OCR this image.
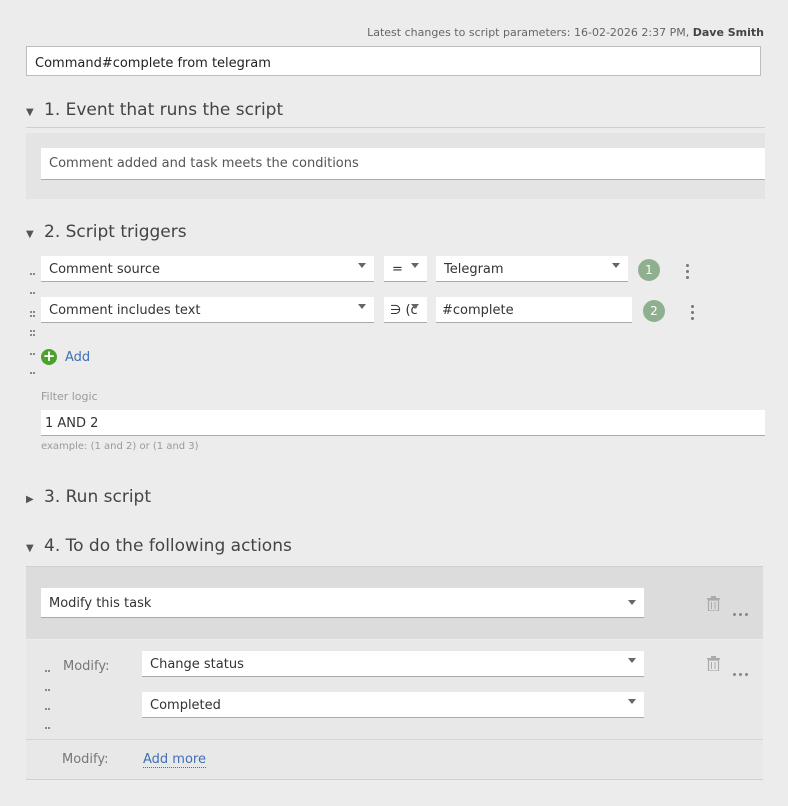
Latest changes to script parameters: 16-02-2026 2:37 PM, Dave Smith
Command#complete from telegram
▼ 1. Event that runs the script
Comment added and task meets the conditions
▼ 2. Script triggers

Comment source	=	Telegram	1

Comment includes text	∋ (c	#complete	2
+ Add
Filter logic
1 AND 2
example: (1 and 2) or (1 and 3)
▶ 3. Run script
▼ 4. To do the following actions
Modify this task

Modify:	Change status
Completed
Modify:	Add more
